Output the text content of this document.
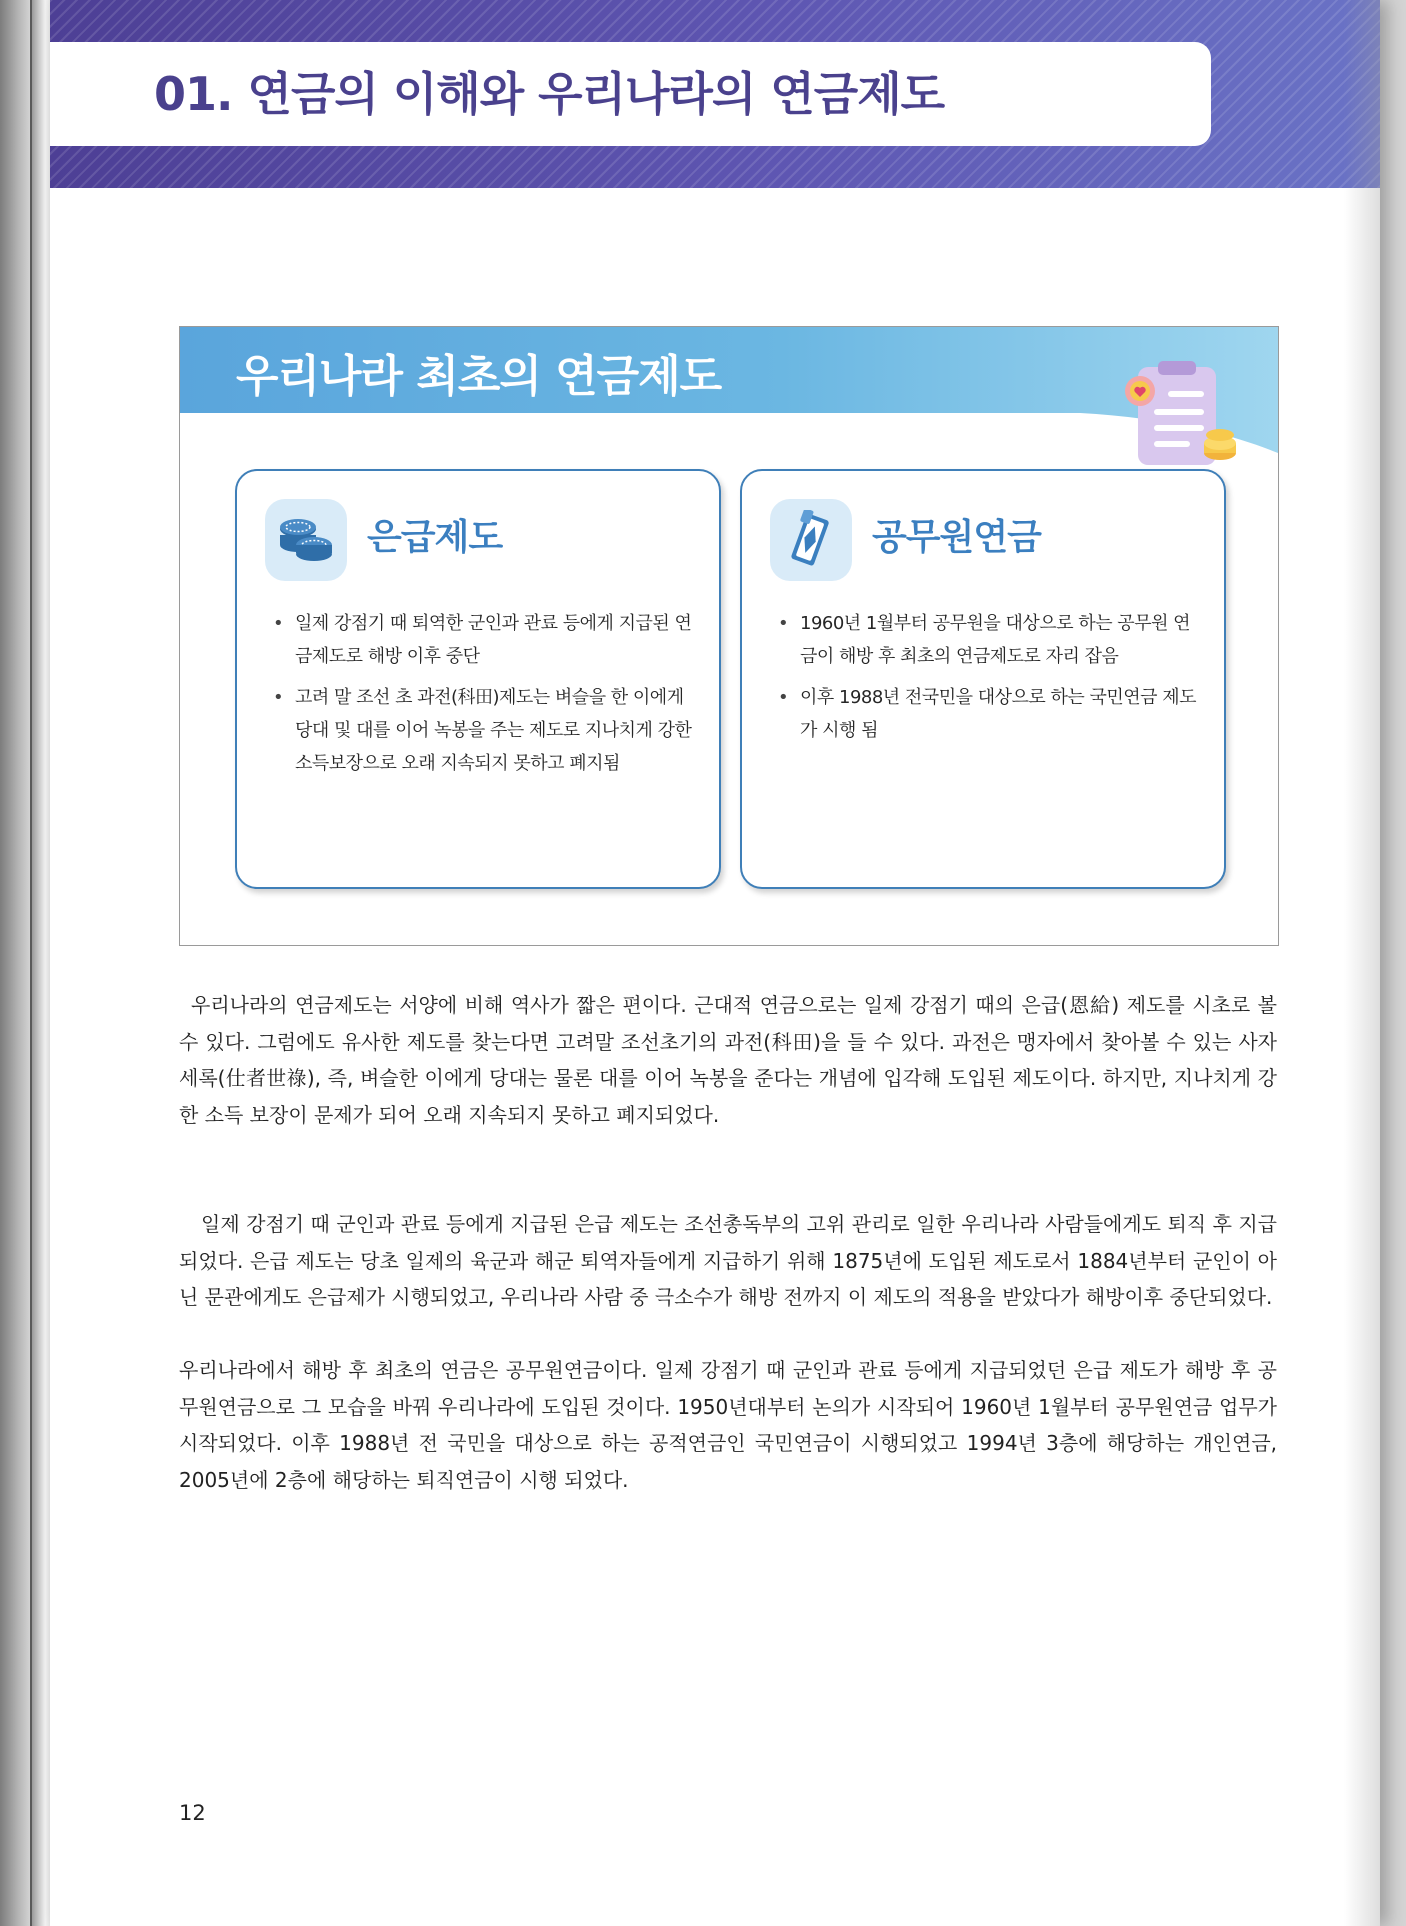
01. 연금의 이해와 우리나라의 연금제도
우리나라 최초의 연금제도
은급제도
• 일제 강점기 때 퇴역한 군인과 관료 등에게 지급된 연금제도로 해방 이후 중단
• 고려 말 조선 초 과전(科田)제도는 벼슬을 한 이에게 당대 및 대를 이어 녹봉을 주는 제도로 지나치게 강한 소득보장으로 오래 지속되지 못하고 폐지됨
공무원연금
• 1960년 1월부터 공무원을 대상으로 하는 공무원 연금이 해방 후 최초의 연금제도로 자리 잡음
• 이후 1988년 전국민을 대상으로 하는 국민연금 제도가 시행 됨

우리나라의 연금제도는 서양에 비해 역사가 짧은 편이다. 근대적 연금으로는 일제 강점기 때의 은급(恩給) 제도를 시초로 볼 수 있다. 그럼에도 유사한 제도를 찾는다면 고려말 조선초기의 과전(科田)을 들 수 있다. 과전은 맹자에서 찾아볼 수 있는 사자세록(仕者世祿), 즉, 벼슬한 이에게 당대는 물론 대를 이어 녹봉을 준다는 개념에 입각해 도입된 제도이다. 하지만, 지나치게 강한 소득 보장이 문제가 되어 오래 지속되지 못하고 폐지되었다.

일제 강점기 때 군인과 관료 등에게 지급된 은급 제도는 조선총독부의 고위 관리로 일한 우리나라 사람들에게도 퇴직 후 지급되었다. 은급 제도는 당초 일제의 육군과 해군 퇴역자들에게 지급하기 위해 1875년에 도입된 제도로서 1884년부터 군인이 아닌 문관에게도 은급제가 시행되었고, 우리나라 사람 중 극소수가 해방 전까지 이 제도의 적용을 받았다가 해방이후 중단되었다.

우리나라에서 해방 후 최초의 연금은 공무원연금이다. 일제 강점기 때 군인과 관료 등에게 지급되었던 은급 제도가 해방 후 공무원연금으로 그 모습을 바꿔 우리나라에 도입된 것이다. 1950년대부터 논의가 시작되어 1960년 1월부터 공무원연금 업무가 시작되었다. 이후 1988년 전 국민을 대상으로 하는 공적연금인 국민연금이 시행되었고 1994년 3층에 해당하는 개인연금, 2005년에 2층에 해당하는 퇴직연금이 시행 되었다.

12
